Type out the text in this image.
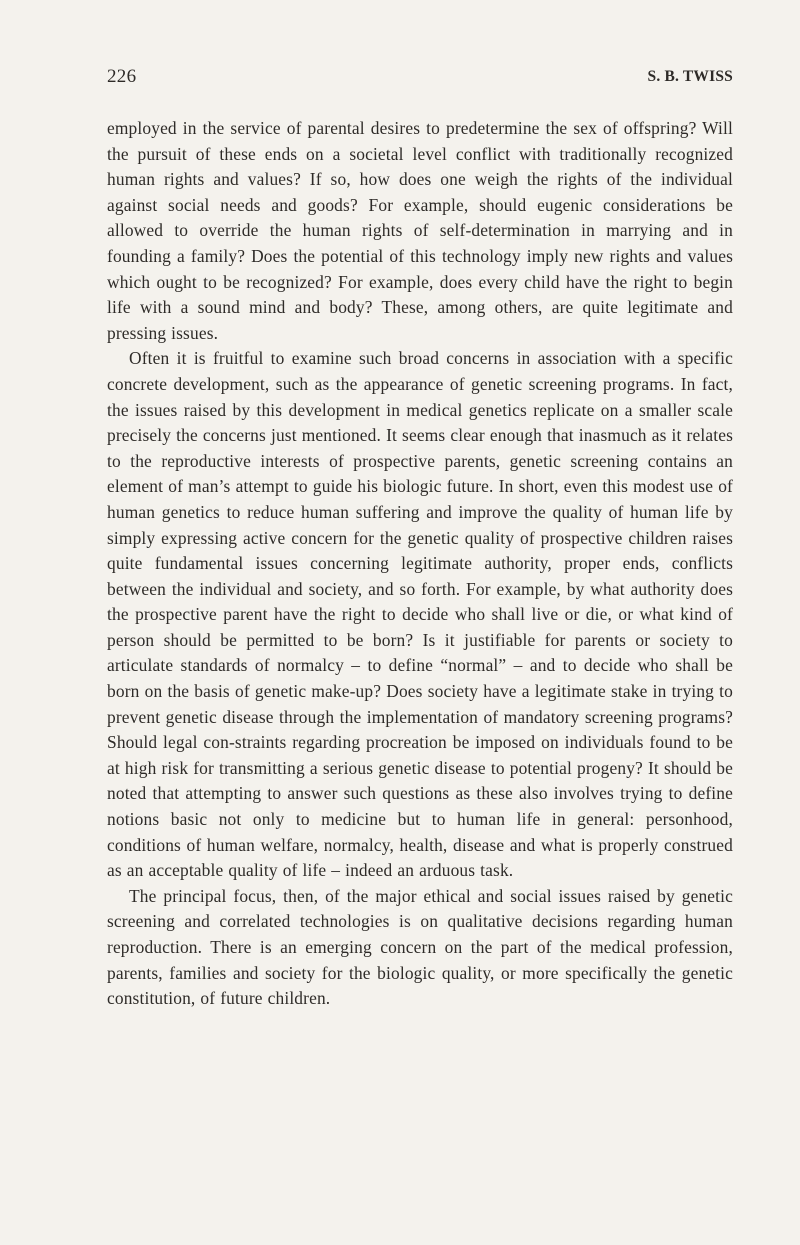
226	S. B. TWISS

employed in the service of parental desires to predetermine the sex of offspring? Will the pursuit of these ends on a societal level conflict with traditionally recognized human rights and values? If so, how does one weigh the rights of the individual against social needs and goods? For example, should eugenic considerations be allowed to override the human rights of self-determination in marrying and in founding a family? Does the potential of this technology imply new rights and values which ought to be recognized? For example, does every child have the right to begin life with a sound mind and body? These, among others, are quite legitimate and pressing issues.

Often it is fruitful to examine such broad concerns in association with a specific concrete development, such as the appearance of genetic screening programs. In fact, the issues raised by this development in medical genetics replicate on a smaller scale precisely the concerns just mentioned. It seems clear enough that inasmuch as it relates to the reproductive interests of prospective parents, genetic screening contains an element of man’s attempt to guide his biologic future. In short, even this modest use of human genetics to reduce human suffering and improve the quality of human life by simply expressing active concern for the genetic quality of prospective children raises quite fundamental issues concerning legitimate authority, proper ends, conflicts between the individual and society, and so forth. For example, by what authority does the prospective parent have the right to decide who shall live or die, or what kind of person should be permitted to be born? Is it justifiable for parents or society to articulate standards of normalcy – to define “normal” – and to decide who shall be born on the basis of genetic make-up? Does society have a legitimate stake in trying to prevent genetic disease through the implementation of mandatory screening programs? Should legal con-straints regarding procreation be imposed on individuals found to be at high risk for transmitting a serious genetic disease to potential progeny? It should be noted that attempting to answer such questions as these also involves trying to define notions basic not only to medicine but to human life in general: personhood, conditions of human welfare, normalcy, health, disease and what is properly construed as an acceptable quality of life – indeed an arduous task.

The principal focus, then, of the major ethical and social issues raised by genetic screening and correlated technologies is on qualitative decisions regarding human reproduction. There is an emerging concern on the part of the medical profession, parents, families and society for the biologic quality, or more specifically the genetic constitution, of future children.
